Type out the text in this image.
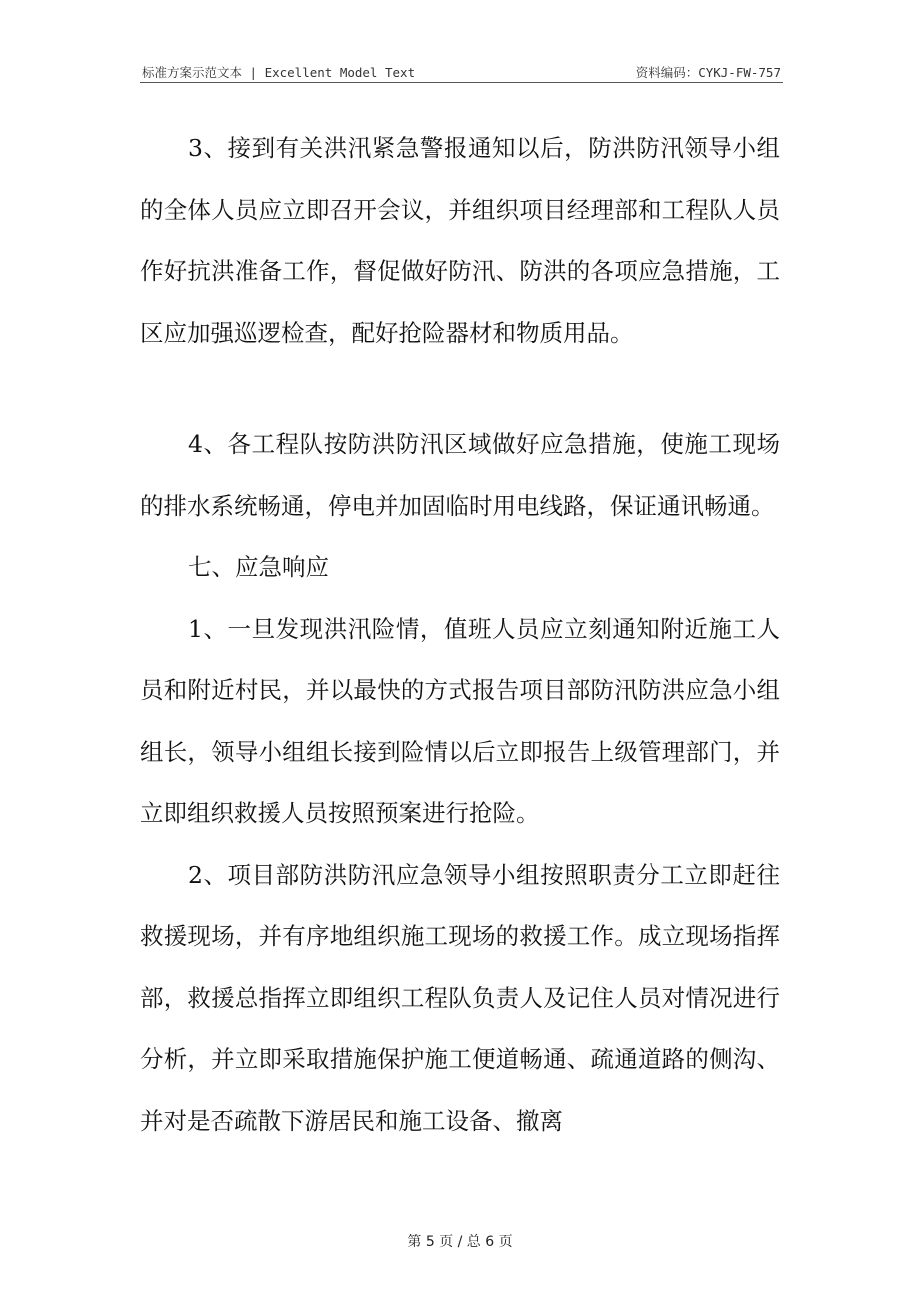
标准方案示范文本 | Excellent Model Text	资料编码：CYKJ-FW-757

3、接到有关洪汛紧急警报通知以后，防洪防汛领导小组的全体人员应立即召开会议，并组织项目经理部和工程队人员作好抗洪准备工作，督促做好防汛、防洪的各项应急措施，工区应加强巡逻检查，配好抢险器材和物质用品。

4、各工程队按防洪防汛区域做好应急措施，使施工现场的排水系统畅通，停电并加固临时用电线路，保证通讯畅通。

七、应急响应

1、一旦发现洪汛险情，值班人员应立刻通知附近施工人员和附近村民，并以最快的方式报告项目部防汛防洪应急小组组长，领导小组组长接到险情以后立即报告上级管理部门，并立即组织救援人员按照预案进行抢险。

2、项目部防洪防汛应急领导小组按照职责分工立即赶往救援现场，并有序地组织施工现场的救援工作。成立现场指挥部，救援总指挥立即组织工程队负责人及记住人员对情况进行分析，并立即采取措施保护施工便道畅通、疏通道路的侧沟、并对是否疏散下游居民和施工设备、撤离

第 5 页 / 总 6 页
